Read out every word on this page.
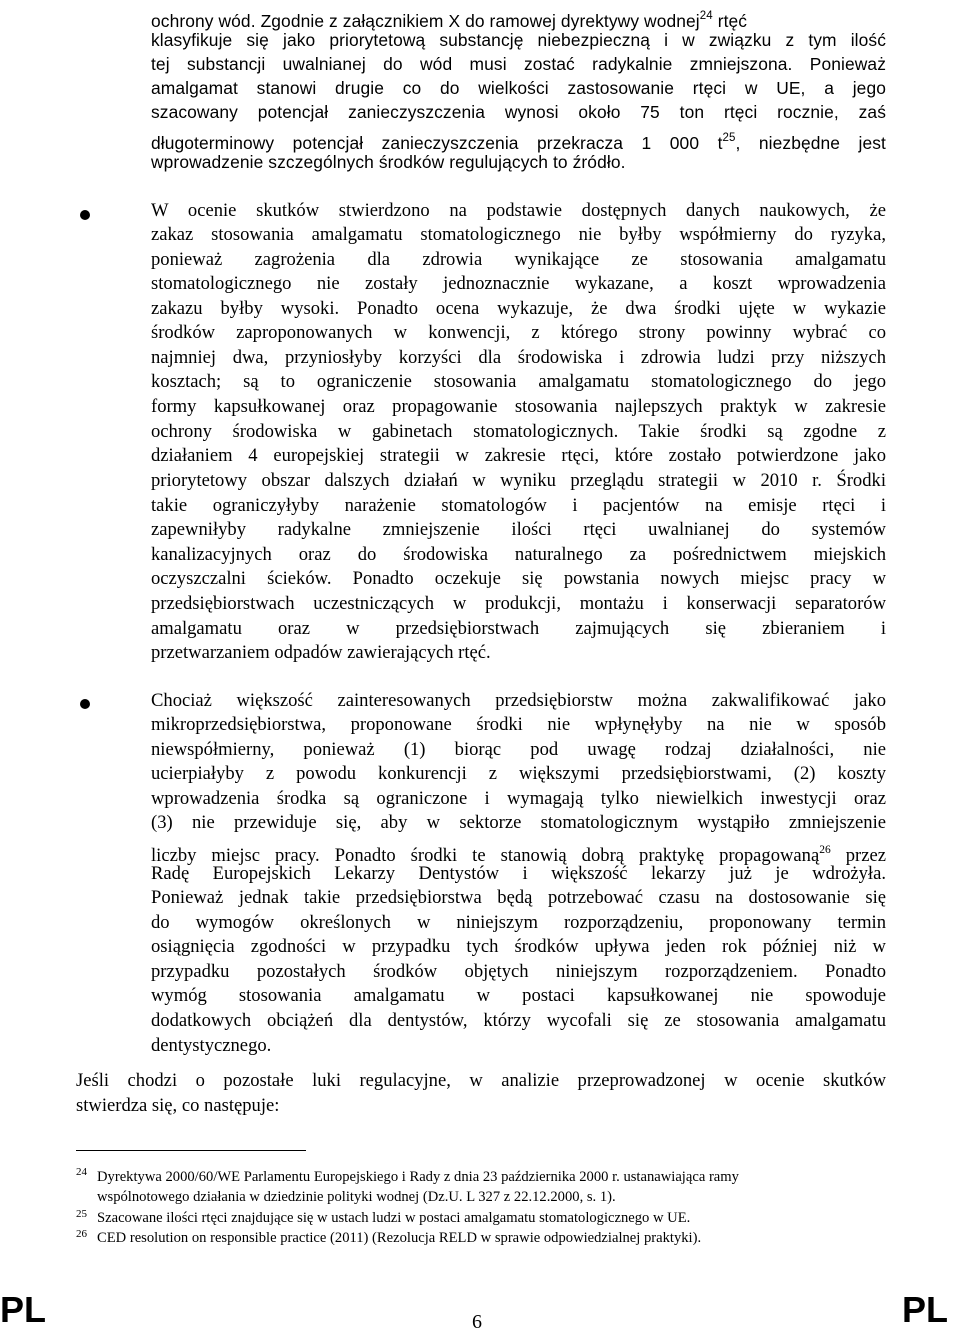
ochrony wód. Zgodnie z załącznikiem X do ramowej dyrektywy wodnej$^{24}$ rtęć
klasyfikuje się jako priorytetową substancję niebezpieczną i w związku z tym ilość
tej substancji uwalnianej do wód musi zostać radykalnie zmniejszona. Ponieważ
amalgamat stanowi drugie co do wielkości zastosowanie rtęci w UE, a jego
szacowany potencjał zanieczyszczenia wynosi około 75 ton rtęci rocznie, zaś
długoterminowy potencjał zanieczyszczenia przekracza 1 000 $t^{25}$, niezbędne jest
wprowadzenie szczególnych środków regulujących to źródło.
W ocenie skutków stwierdzono na podstawie dostępnych danych naukowych, że
zakaz stosowania amalgamatu stomatologicznego nie byłby współmierny do ryzyka,
ponieważ zagrożenia dla zdrowia wynikające ze stosowania amalgamatu
stomatologicznego nie zostały jednoznacznie wykazane, a koszt wprowadzenia
zakazu byłby wysoki. Ponadto ocena wykazuje, że dwa środki ujęte w wykazie
środków zaproponowanych w konwencji, z którego strony powinny wybrać co
najmniej dwa, przyniosłyby korzyści dla środowiska i zdrowia ludzi przy niższych
kosztach; są to ograniczenie stosowania amalgamatu stomatologicznego do jego
formy kapsułkowanej oraz propagowanie stosowania najlepszych praktyk w zakresie
ochrony środowiska w gabinetach stomatologicznych. Takie środki są zgodne z
działaniem 4 europejskiej strategii w zakresie rtęci, które zostało potwierdzone jako
priorytetowy obszar dalszych działań w wyniku przeglądu strategii w 2010 r. Środki
takie ograniczyłyby narażenie stomatologów i pacjentów na emisje rtęci i
zapewniłyby radykalne zmniejszenie ilości rtęci uwalnianej do systemów
kanalizacyjnych oraz do środowiska naturalnego za pośrednictwem miejskich
oczyszczalni ścieków. Ponadto oczekuje się powstania nowych miejsc pracy w
przedsiębiorstwach uczestniczących w produkcji, montażu i konserwacji separatorów
amalgamatu oraz w przedsiębiorstwach zajmujących się zbieraniem i
przetwarzaniem odpadów zawierających rtęć.
Chociaż większość zainteresowanych przedsiębiorstw można zakwalifikować jako
mikroprzedsiębiorstwa, proponowane środki nie wpłynęłyby na nie w sposób
niewspółmierny, ponieważ (1) biorąc pod uwagę rodzaj działalności, nie
ucierpiałyby z powodu konkurencji z większymi przedsiębiorstwami, (2) koszty
wprowadzenia środka są ograniczone i wymagają tylko niewielkich inwestycji oraz
(3) nie przewiduje się, aby w sektorze stomatologicznym wystąpiło zmniejszenie
liczby miejsc pracy. Ponadto środki te stanowią dobrą praktykę propagowaną$^{26}$ przez
Radę Europejskich Lekarzy Dentystów i większość lekarzy już je wdrożyła.
Ponieważ jednak takie przedsiębiorstwa będą potrzebować czasu na dostosowanie się
do wymogów określonych w niniejszym rozporządzeniu, proponowany termin
osiągnięcia zgodności w przypadku tych środków upływa jeden rok później niż w
przypadku pozostałych środków objętych niniejszym rozporządzeniem. Ponadto
wymóg stosowania amalgamatu w postaci kapsułkowanej nie spowoduje
dodatkowych obciążeń dla dentystów, którzy wycofali się ze stosowania amalgamatu
dentystycznego.
Jeśli chodzi o pozostałe luki regulacyjne, w analizie przeprowadzonej w ocenie skutków
stwierdza się, co następuje:
24 Dyrektywa 2000/60/WE Parlamentu Europejskiego i Rady z dnia 23 października 2000 r. ustanawiająca ramy
wspólnotowego działania w dziedzinie polityki wodnej (Dz.U. L 327 z 22.12.2000, s. 1).
25 Szacowane ilości rtęci znajdujące się w ustach ludzi w postaci amalgamatu stomatologicznego w UE.
26 CED resolution on responsible practice (2011) (Rezolucja RELD w sprawie odpowiedzialnej praktyki).
PL	6	PL
